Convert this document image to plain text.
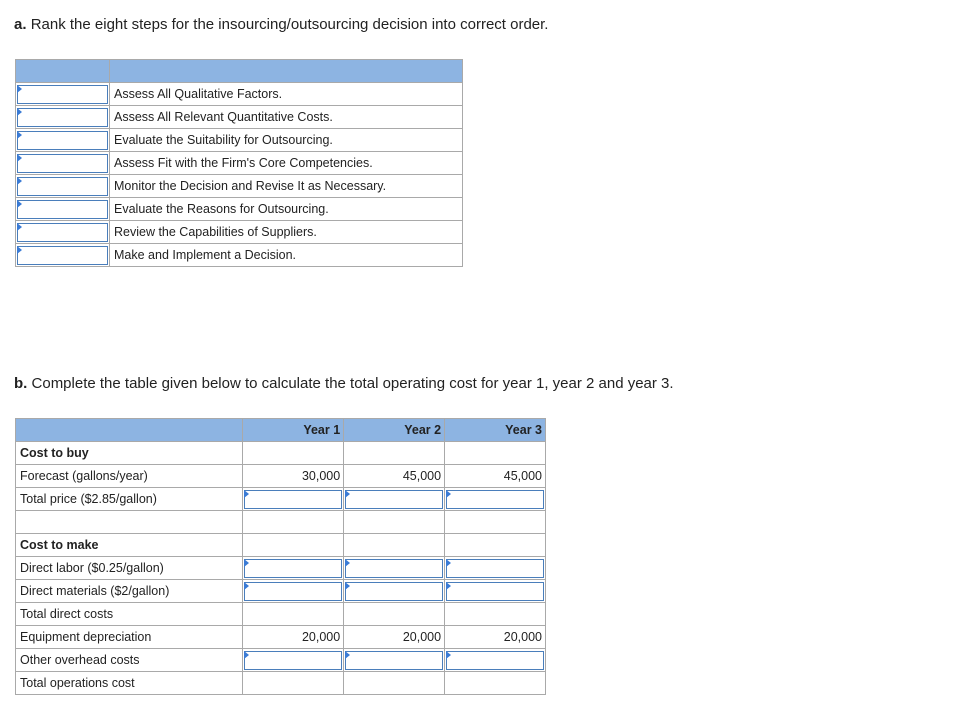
a. Rank the eight steps for the insourcing/outsourcing decision into correct order.

	Assess All Qualitative Factors.

	Assess All Relevant Quantitative Costs.

	Evaluate the Suitability for Outsourcing.

	Assess Fit with the Firm's Core Competencies.

	Monitor the Decision and Revise It as Necessary.

	Evaluate the Reasons for Outsourcing.

	Review the Capabilities of Suppliers.

	Make and Implement a Decision.
b. Complete the table given below to calculate the total operating cost for year 1, year 2 and year 3.
	Year 1	Year 2	Year 3
Cost to buy			
Forecast (gallons/year)	30,000	45,000	45,000
Total price ($2.85/gallon)	

Cost to make			
Direct labor ($0.25/gallon)	

Direct materials ($2/gallon)	

Total direct costs			
Equipment depreciation	20,000	20,000	20,000
Other overhead costs	

Total operations cost			
